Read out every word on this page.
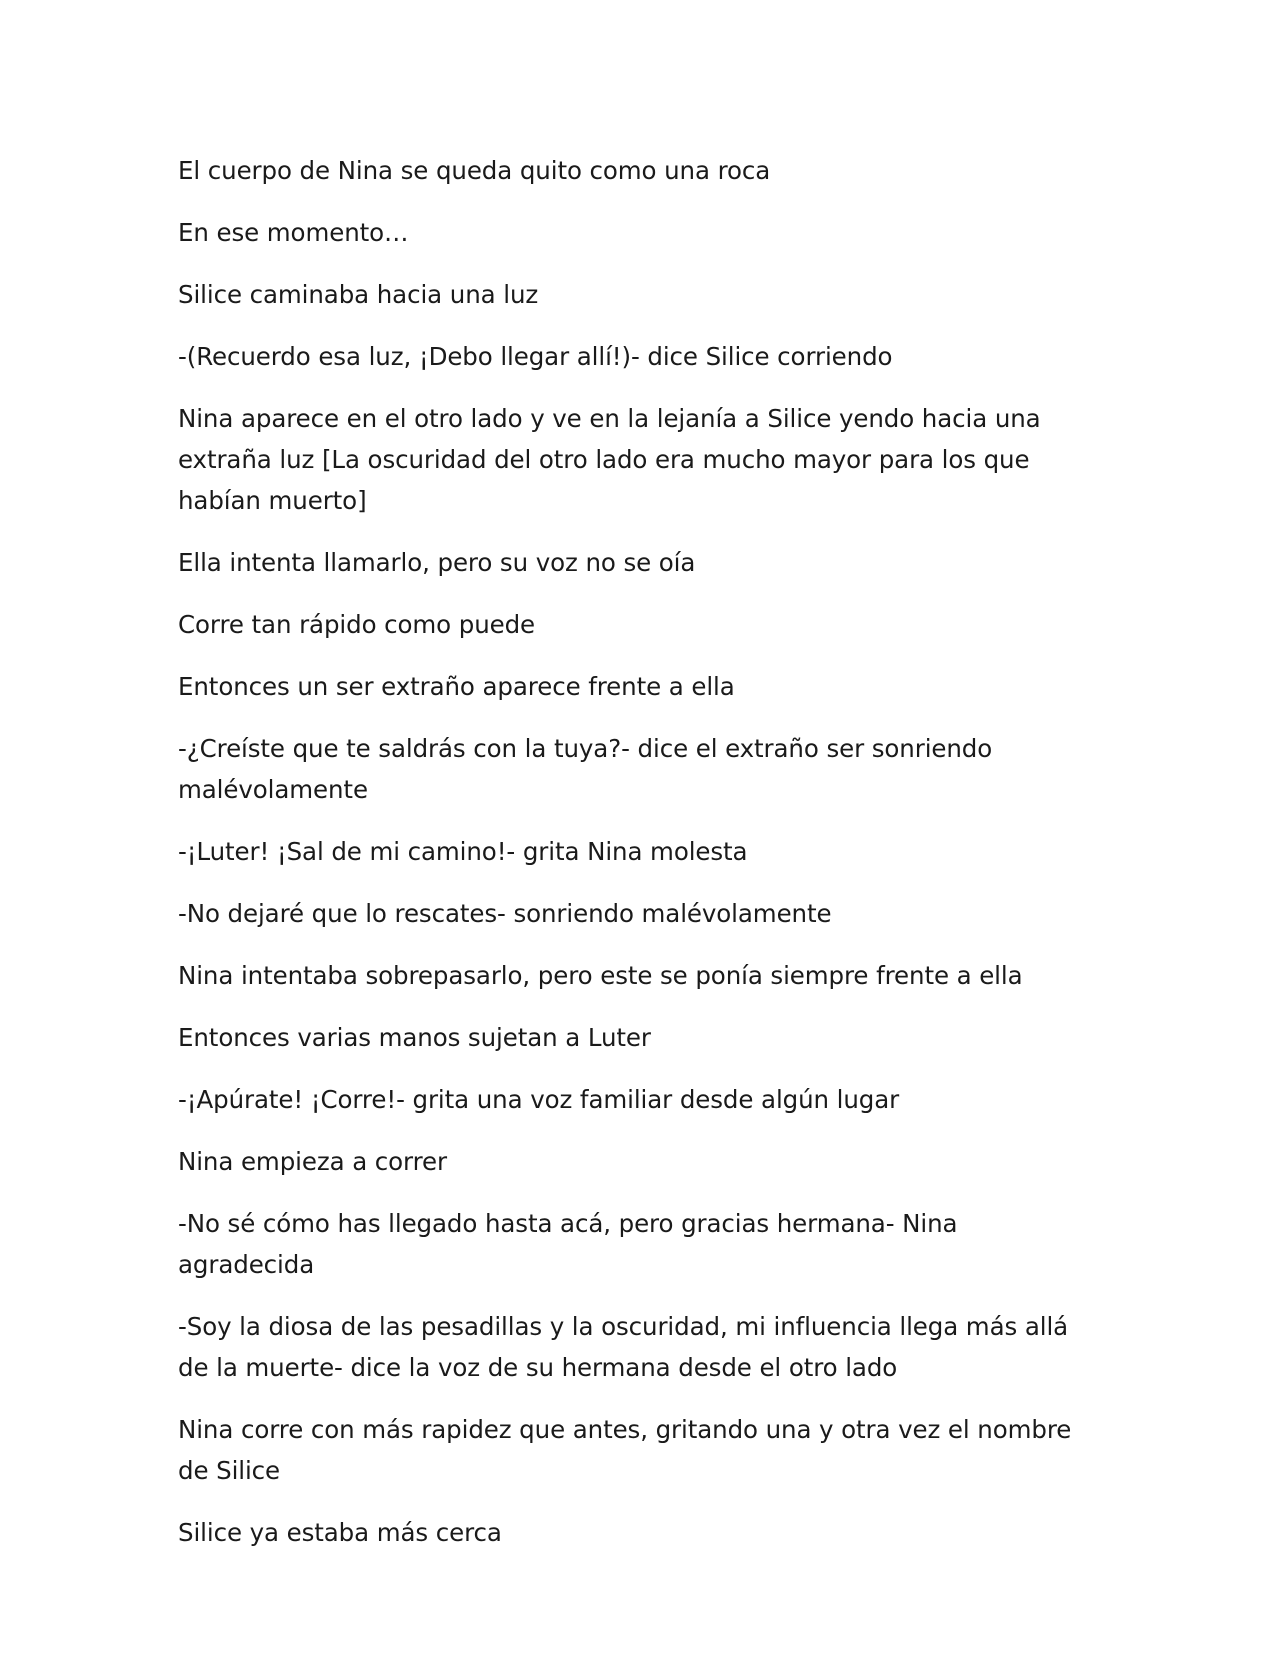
El cuerpo de Nina se queda quito como una roca

En ese momento…

Silice caminaba hacia una luz

-(Recuerdo esa luz, ¡Debo llegar allí!)- dice Silice corriendo

Nina aparece en el otro lado y ve en la lejanía a Silice yendo hacia una extraña luz [La oscuridad del otro lado era mucho mayor para los que habían muerto]

Ella intenta llamarlo, pero su voz no se oía

Corre tan rápido como puede

Entonces un ser extraño aparece frente a ella

-¿Creíste que te saldrás con la tuya?- dice el extraño ser sonriendo malévolamente

-¡Luter! ¡Sal de mi camino!- grita Nina molesta

-No dejaré que lo rescates- sonriendo malévolamente

Nina intentaba sobrepasarlo, pero este se ponía siempre frente a ella

Entonces varias manos sujetan a Luter

-¡Apúrate! ¡Corre!- grita una voz familiar desde algún lugar

Nina empieza a correr

-No sé cómo has llegado hasta acá, pero gracias hermana- Nina agradecida

-Soy la diosa de las pesadillas y la oscuridad, mi influencia llega más allá de la muerte- dice la voz de su hermana desde el otro lado

Nina corre con más rapidez que antes, gritando una y otra vez el nombre de Silice

Silice ya estaba más cerca
